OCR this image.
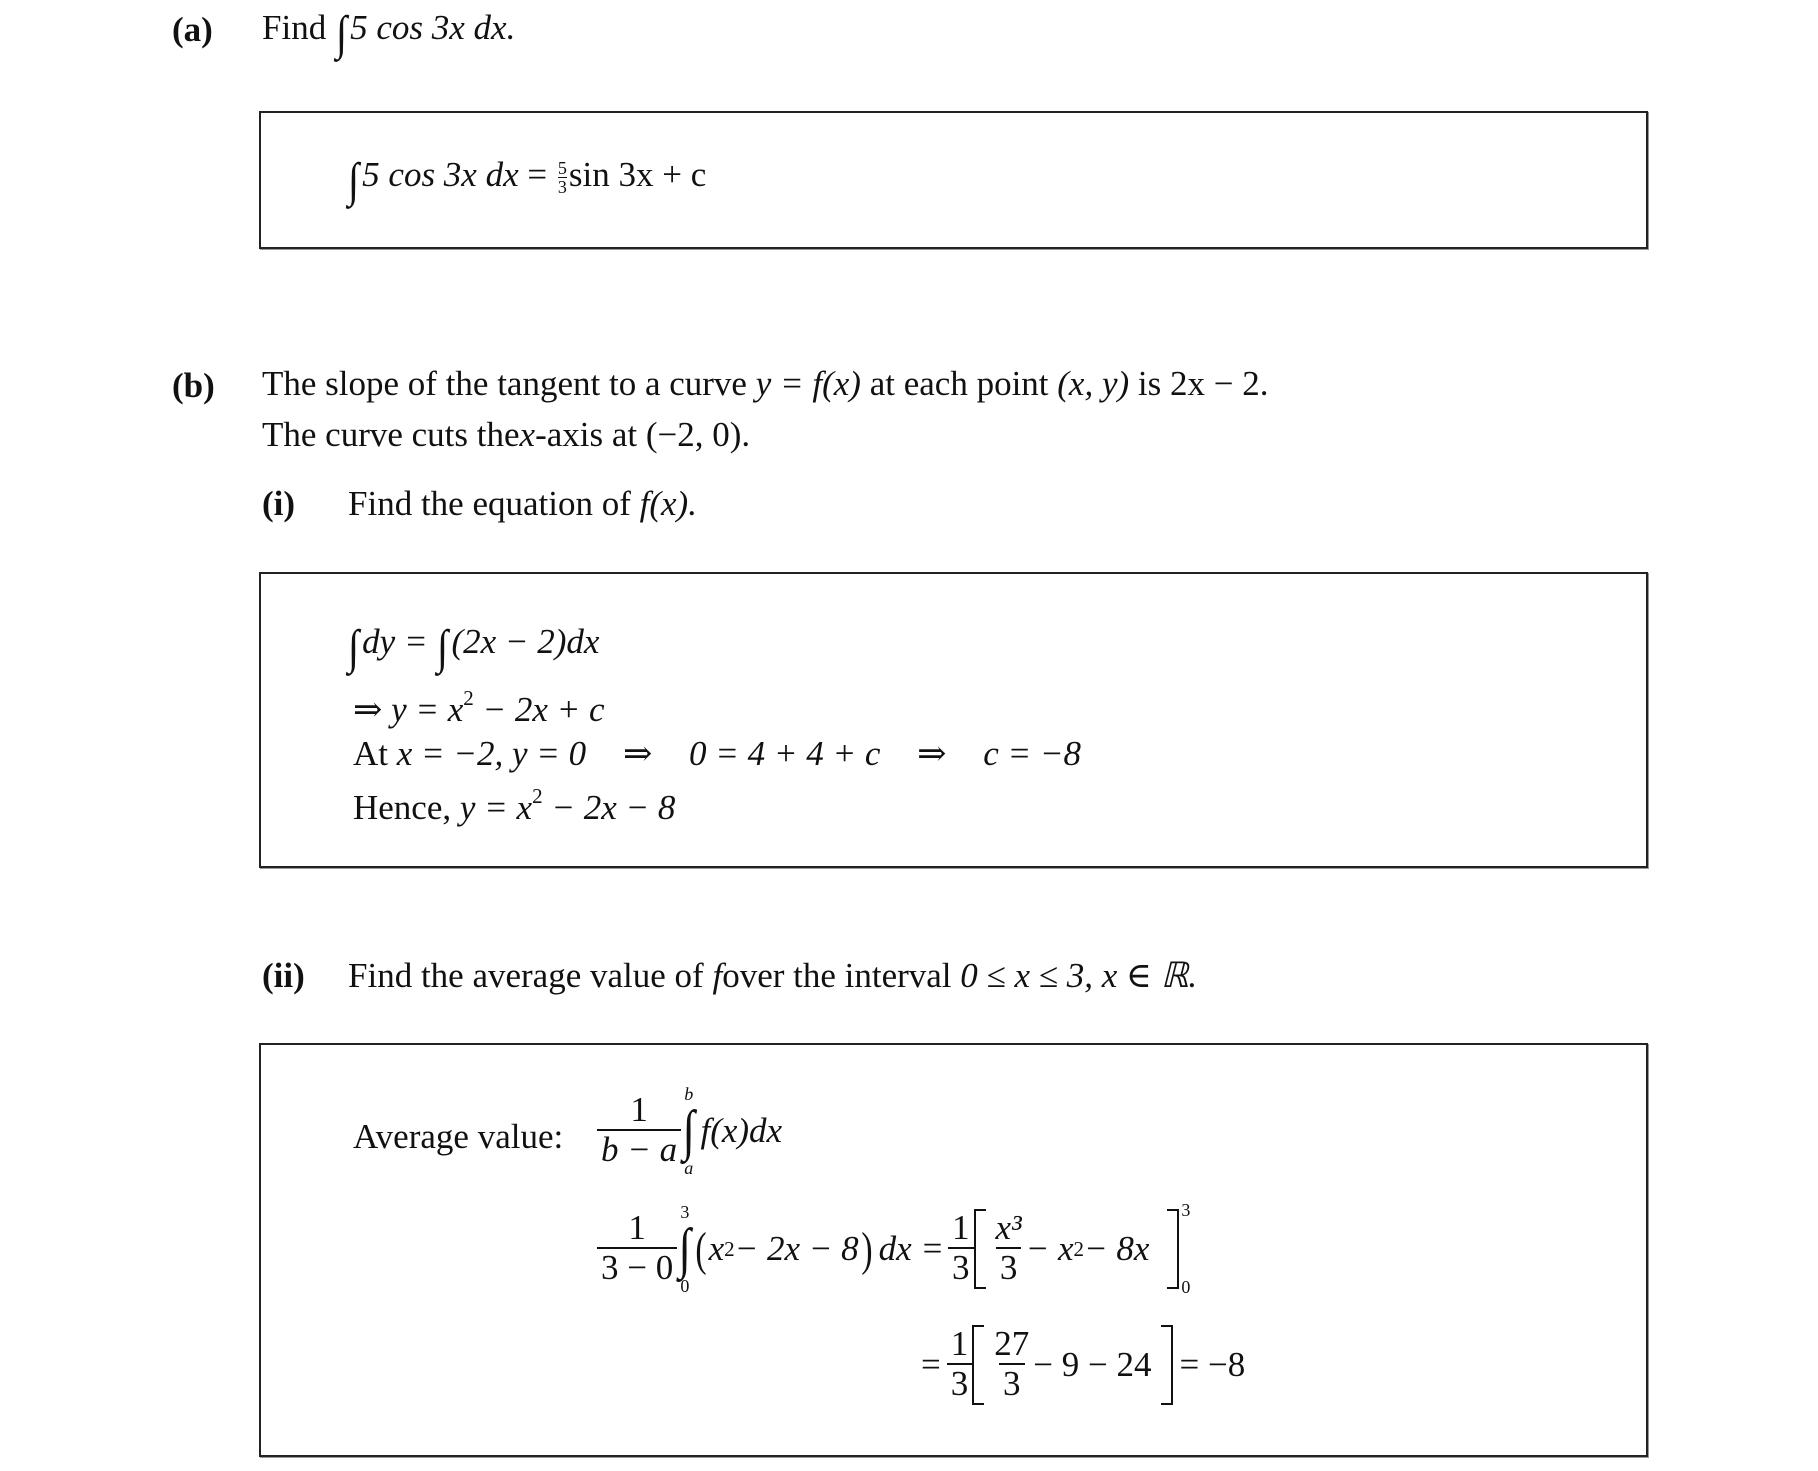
(a) Find ∫5 cos 3x dx.
∫5 cos 3x dx = $\frac{5}{3}$ sin 3x + c
(b) The slope of the tangent to a curve y = f(x) at each point (x, y) is 2x − 2.
The curve cuts thex-axis at (−2, 0).
(i) Find the equation of f(x).
∫dy = ∫(2x − 2)dx
⇒ $y = x^2 - 2x + c$
At x = −2, y = 0 ⇒ 0 = 4 + 4 + c ⇒ c = −8
Hence, $y = x^2 - 2x - 8$
(ii) Find the average value of fover the interval 0 ≤ x ≤ 3, x ∈ ℝ.
Average value: $\frac{1}{b - a}$ b
∫
a
f(x)dx
$\frac{1}{3 - 0} 3$
∫
0
( x 2 − 2x − 8 ) dx = $\frac{1}{3} \frac{\text{x³}}{3} - x$ 2 − 8x
3
0
= $\frac{1}{3} \frac{27}{3} - 9 - 24 = -8$
